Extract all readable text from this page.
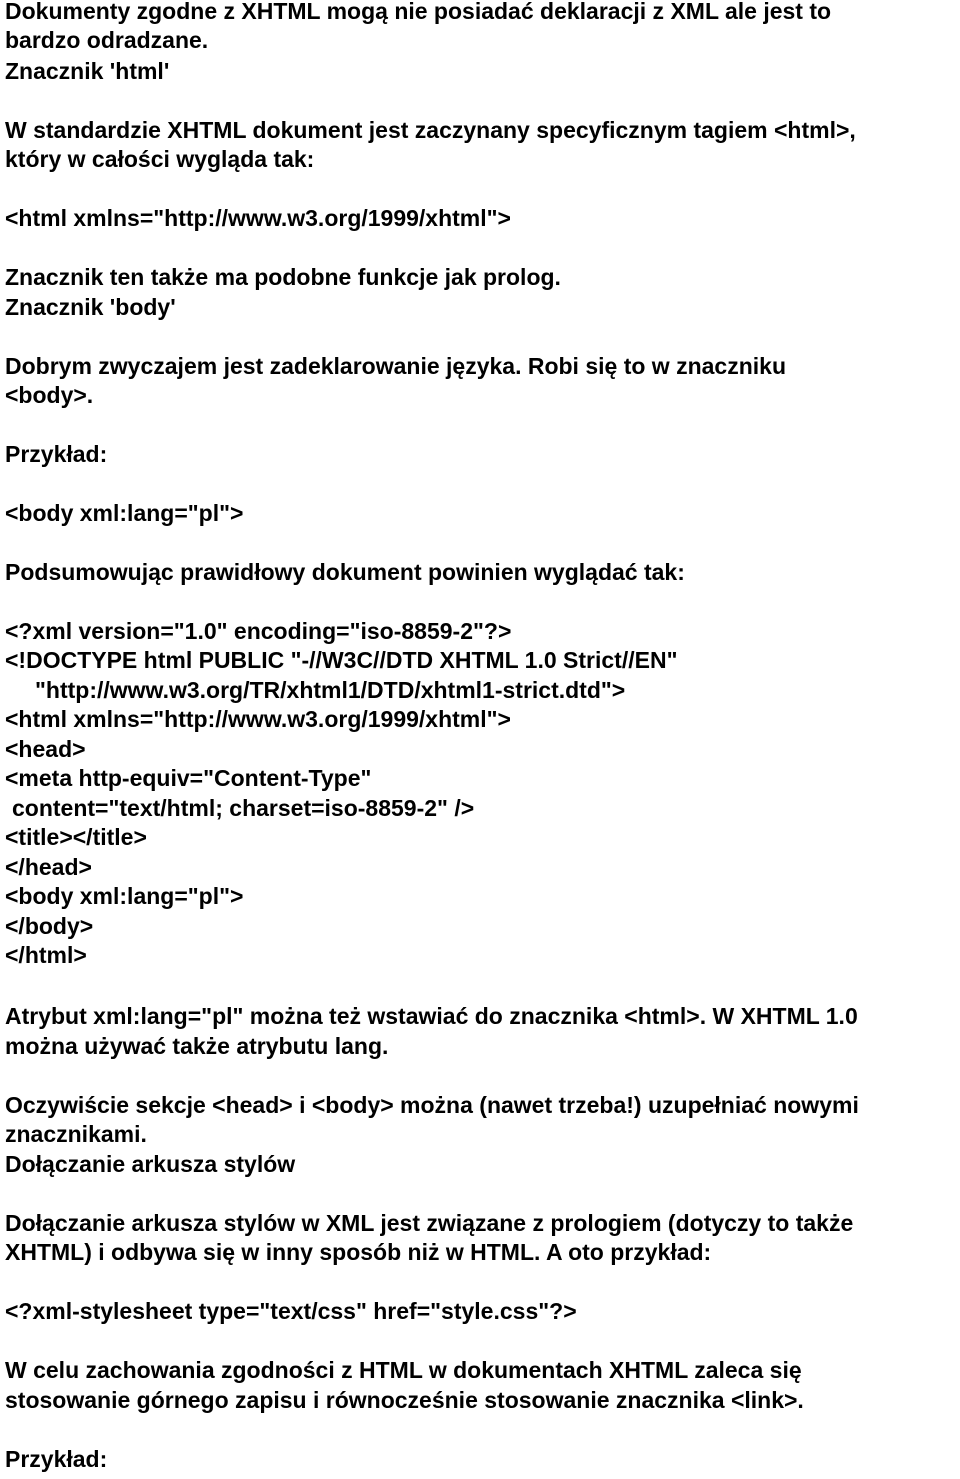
Dokumenty zgodne z XHTML mogą nie posiadać deklaracji z XML ale jest to
bardzo odradzane.
Znacznik 'html'
W standardzie XHTML dokument jest zaczynany specyficznym tagiem <html>,
który w całości wygląda tak:
<html xmlns="http://www.w3.org/1999/xhtml">
Znacznik ten także ma podobne funkcje jak prolog.
Znacznik 'body'
Dobrym zwyczajem jest zadeklarowanie języka. Robi się to w znaczniku
<body>.
Przykład:
<body xml:lang="pl">
Podsumowując prawidłowy dokument powinien wyglądać tak:
<?xml version="1.0" encoding="iso-8859-2"?>
<!DOCTYPE html PUBLIC "-//W3C//DTD XHTML 1.0 Strict//EN"
"http://www.w3.org/TR/xhtml1/DTD/xhtml1-strict.dtd">
<html xmlns="http://www.w3.org/1999/xhtml">
<head>
<meta http-equiv="Content-Type"
content="text/html; charset=iso-8859-2" />
<title></title>
</head>
<body xml:lang="pl">
</body>
</html>
Atrybut xml:lang="pl" można też wstawiać do znacznika <html>. W XHTML 1.0
można używać także atrybutu lang.
Oczywiście sekcje <head> i <body> można (nawet trzeba!) uzupełniać nowymi
znacznikami.
Dołączanie arkusza stylów
Dołączanie arkusza stylów w XML jest związane z prologiem (dotyczy to także
XHTML) i odbywa się w inny sposób niż w HTML. A oto przykład:
<?xml-stylesheet type="text/css" href="style.css"?>
W celu zachowania zgodności z HTML w dokumentach XHTML zaleca się
stosowanie górnego zapisu i równocześnie stosowanie znacznika <link>.
Przykład:
